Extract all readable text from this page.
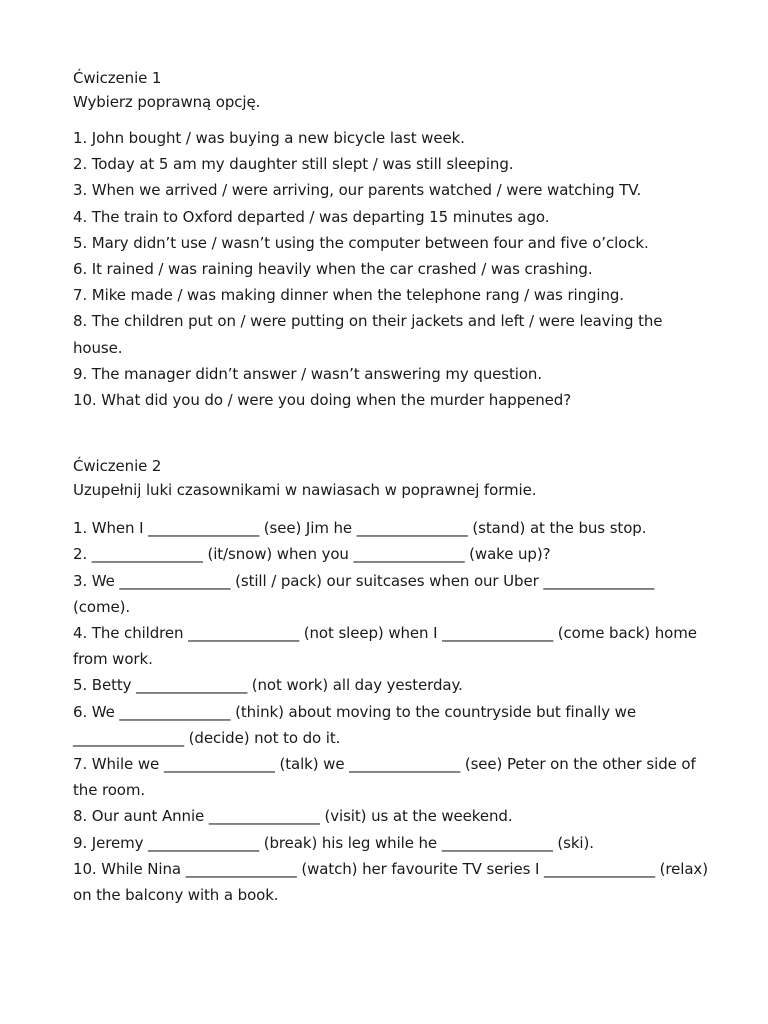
Ćwiczenie 1
Wybierz poprawną opcję.
1. John bought / was buying a new bicycle last week.
2. Today at 5 am my daughter still slept / was still sleeping.
3. When we arrived / were arriving, our parents watched / were watching TV.
4. The train to Oxford departed / was departing 15 minutes ago.
5. Mary didn’t use / wasn’t using the computer between four and five o’clock.
6. It rained / was raining heavily when the car crashed / was crashing.
7. Mike made / was making dinner when the telephone rang / was ringing.
8. The children put on / were putting on their jackets and left / were leaving the house.
9. The manager didn’t answer / wasn’t answering my question.
10. What did you do / were you doing when the murder happened?
Ćwiczenie 2
Uzupełnij luki czasownikami w nawiasach w poprawnej formie.
1. When I _______________ (see) Jim he _______________ (stand) at the bus stop.
2. _______________ (it/snow) when you _______________ (wake up)?
3. We _______________ (still / pack) our suitcases when our Uber _______________ (come).
4. The children _______________ (not sleep) when I _______________ (come back) home from work.
5. Betty _______________ (not work) all day yesterday.
6. We _______________ (think) about moving to the countryside but finally we _______________ (decide) not to do it.
7. While we _______________ (talk) we _______________ (see) Peter on the other side of the room.
8. Our aunt Annie _______________ (visit) us at the weekend.
9. Jeremy _______________ (break) his leg while he _______________ (ski).
10. While Nina _______________ (watch) her favourite TV series I _______________ (relax) on the balcony with a book.
